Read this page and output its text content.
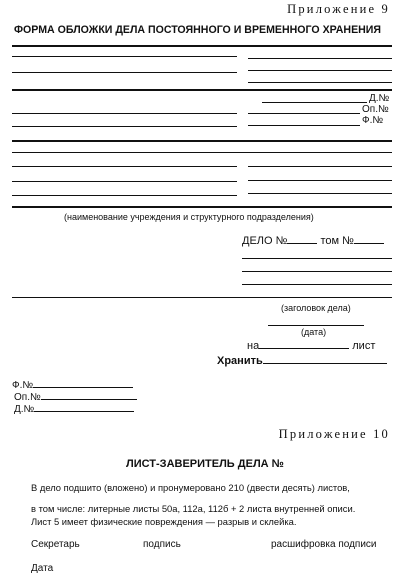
Приложение 9
ФОРМА ОБЛОЖКИ ДЕЛА ПОСТОЯННОГО И ВРЕМЕННОГО ХРАНЕНИЯ
Д.№
Оп.№
Ф.№
(наименование учреждения и структурного подразделения)
ДЕЛО №	том №
(заголовок дела)
(дата)
на	лист
Хранить
Ф.№
Оп.№
Д.№
Приложение 10
ЛИСТ-ЗАВЕРИТЕЛЬ ДЕЛА №
В дело подшито (вложено) и пронумеровано 210 (двести десять) листов,
в том числе: литерные листы 50а, 112а, 112б + 2 листа внутренней описи.
Лист 5 имеет физические повреждения — разрыв и склейка.
Секретарь	подпись	расшифровка подписи
Дата
